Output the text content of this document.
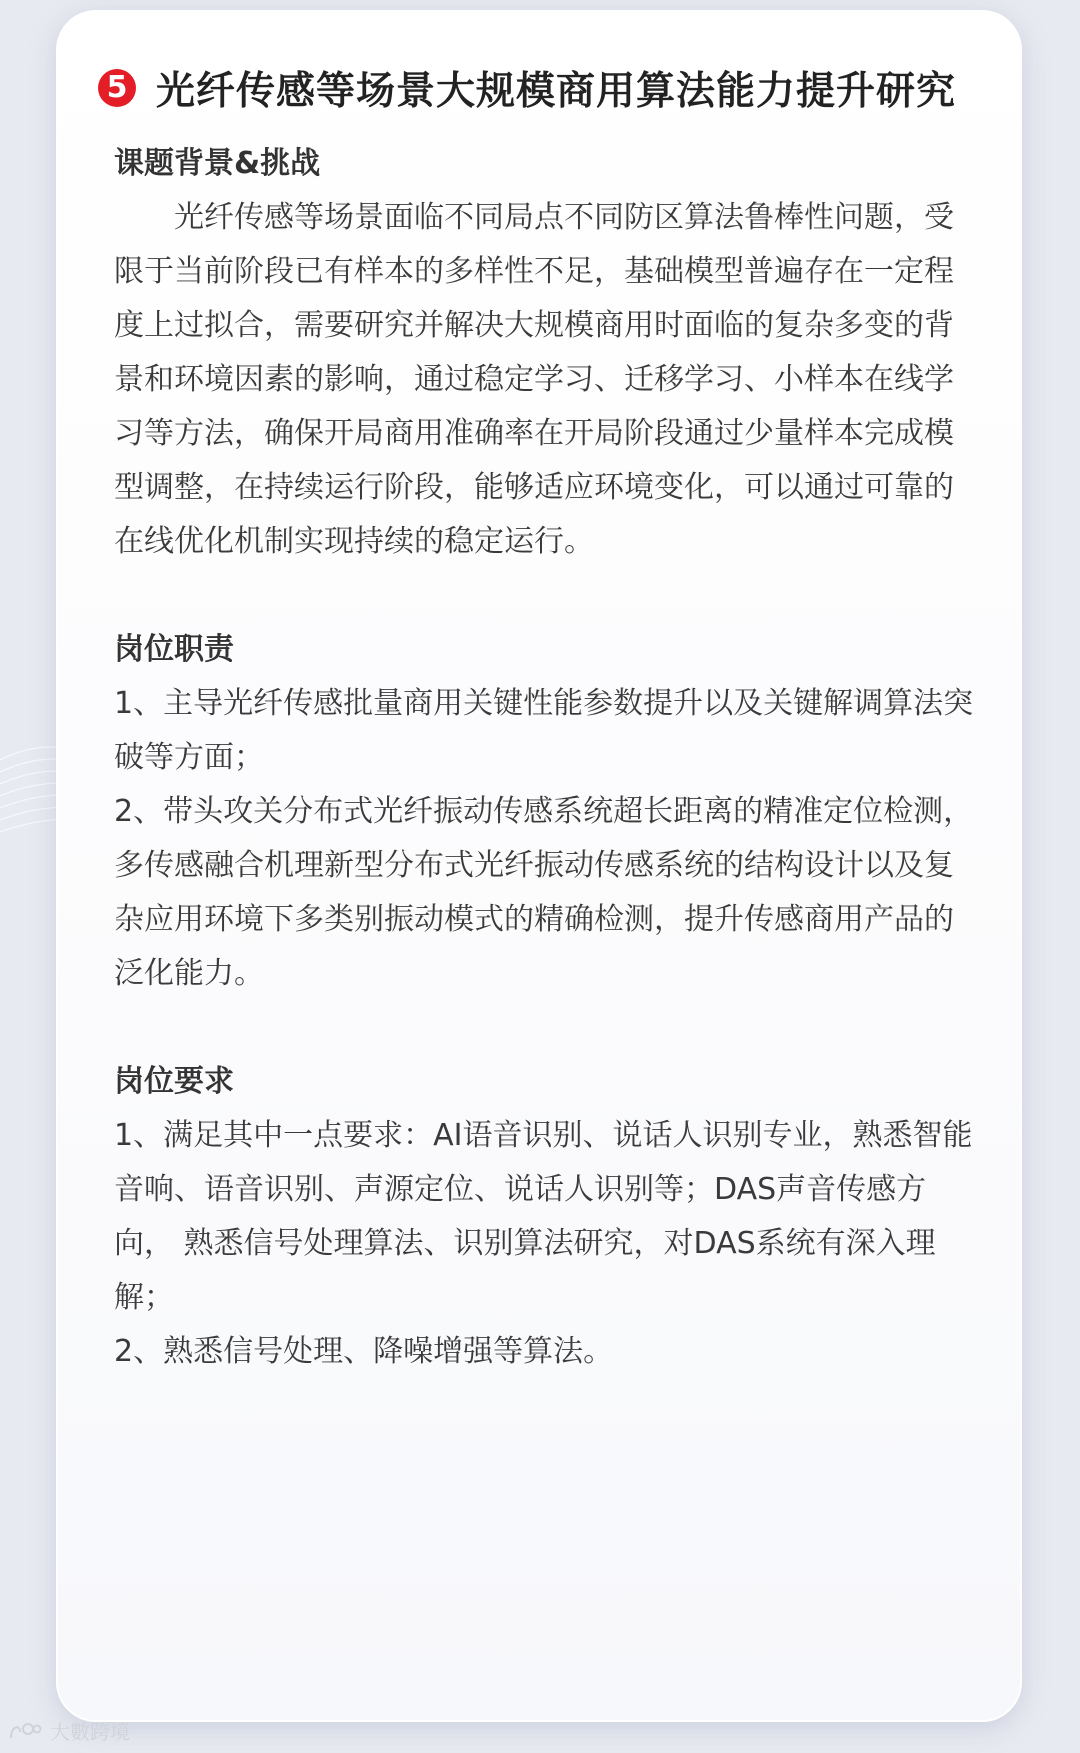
5 光纤传感等场景大规模商用算法能力提升研究
课题背景&挑战

光纤传感等场景面临不同局点不同防区算法鲁棒性问题，受限于当前阶段已有样本的多样性不足，基础模型普遍存在一定程度上过拟合，需要研究并解决大规模商用时面临的复杂多变的背景和环境因素的影响，通过稳定学习、迁移学习、小样本在线学习等方法，确保开局商用准确率在开局阶段通过少量样本完成模型调整，在持续运行阶段，能够适应环境变化，可以通过可靠的在线优化机制实现持续的稳定运行。

岗位职责

1、主导光纤传感批量商用关键性能参数提升以及关键解调算法突破等方面；

2、带头攻关分布式光纤振动传感系统超长距离的精准定位检测，多传感融合机理新型分布式光纤振动传感系统的结构设计以及复杂应用环境下多类别振动模式的精确检测，提升传感商用产品的泛化能力。

岗位要求

1、满足其中一点要求：AI语音识别、说话人识别专业，熟悉智能音响、语音识别、声源定位、说话人识别等；DAS声音传感方向， 熟悉信号处理算法、识别算法研究，对DAS系统有深入理解；

2、熟悉信号处理、降噪增强等算法。

大數跨境
